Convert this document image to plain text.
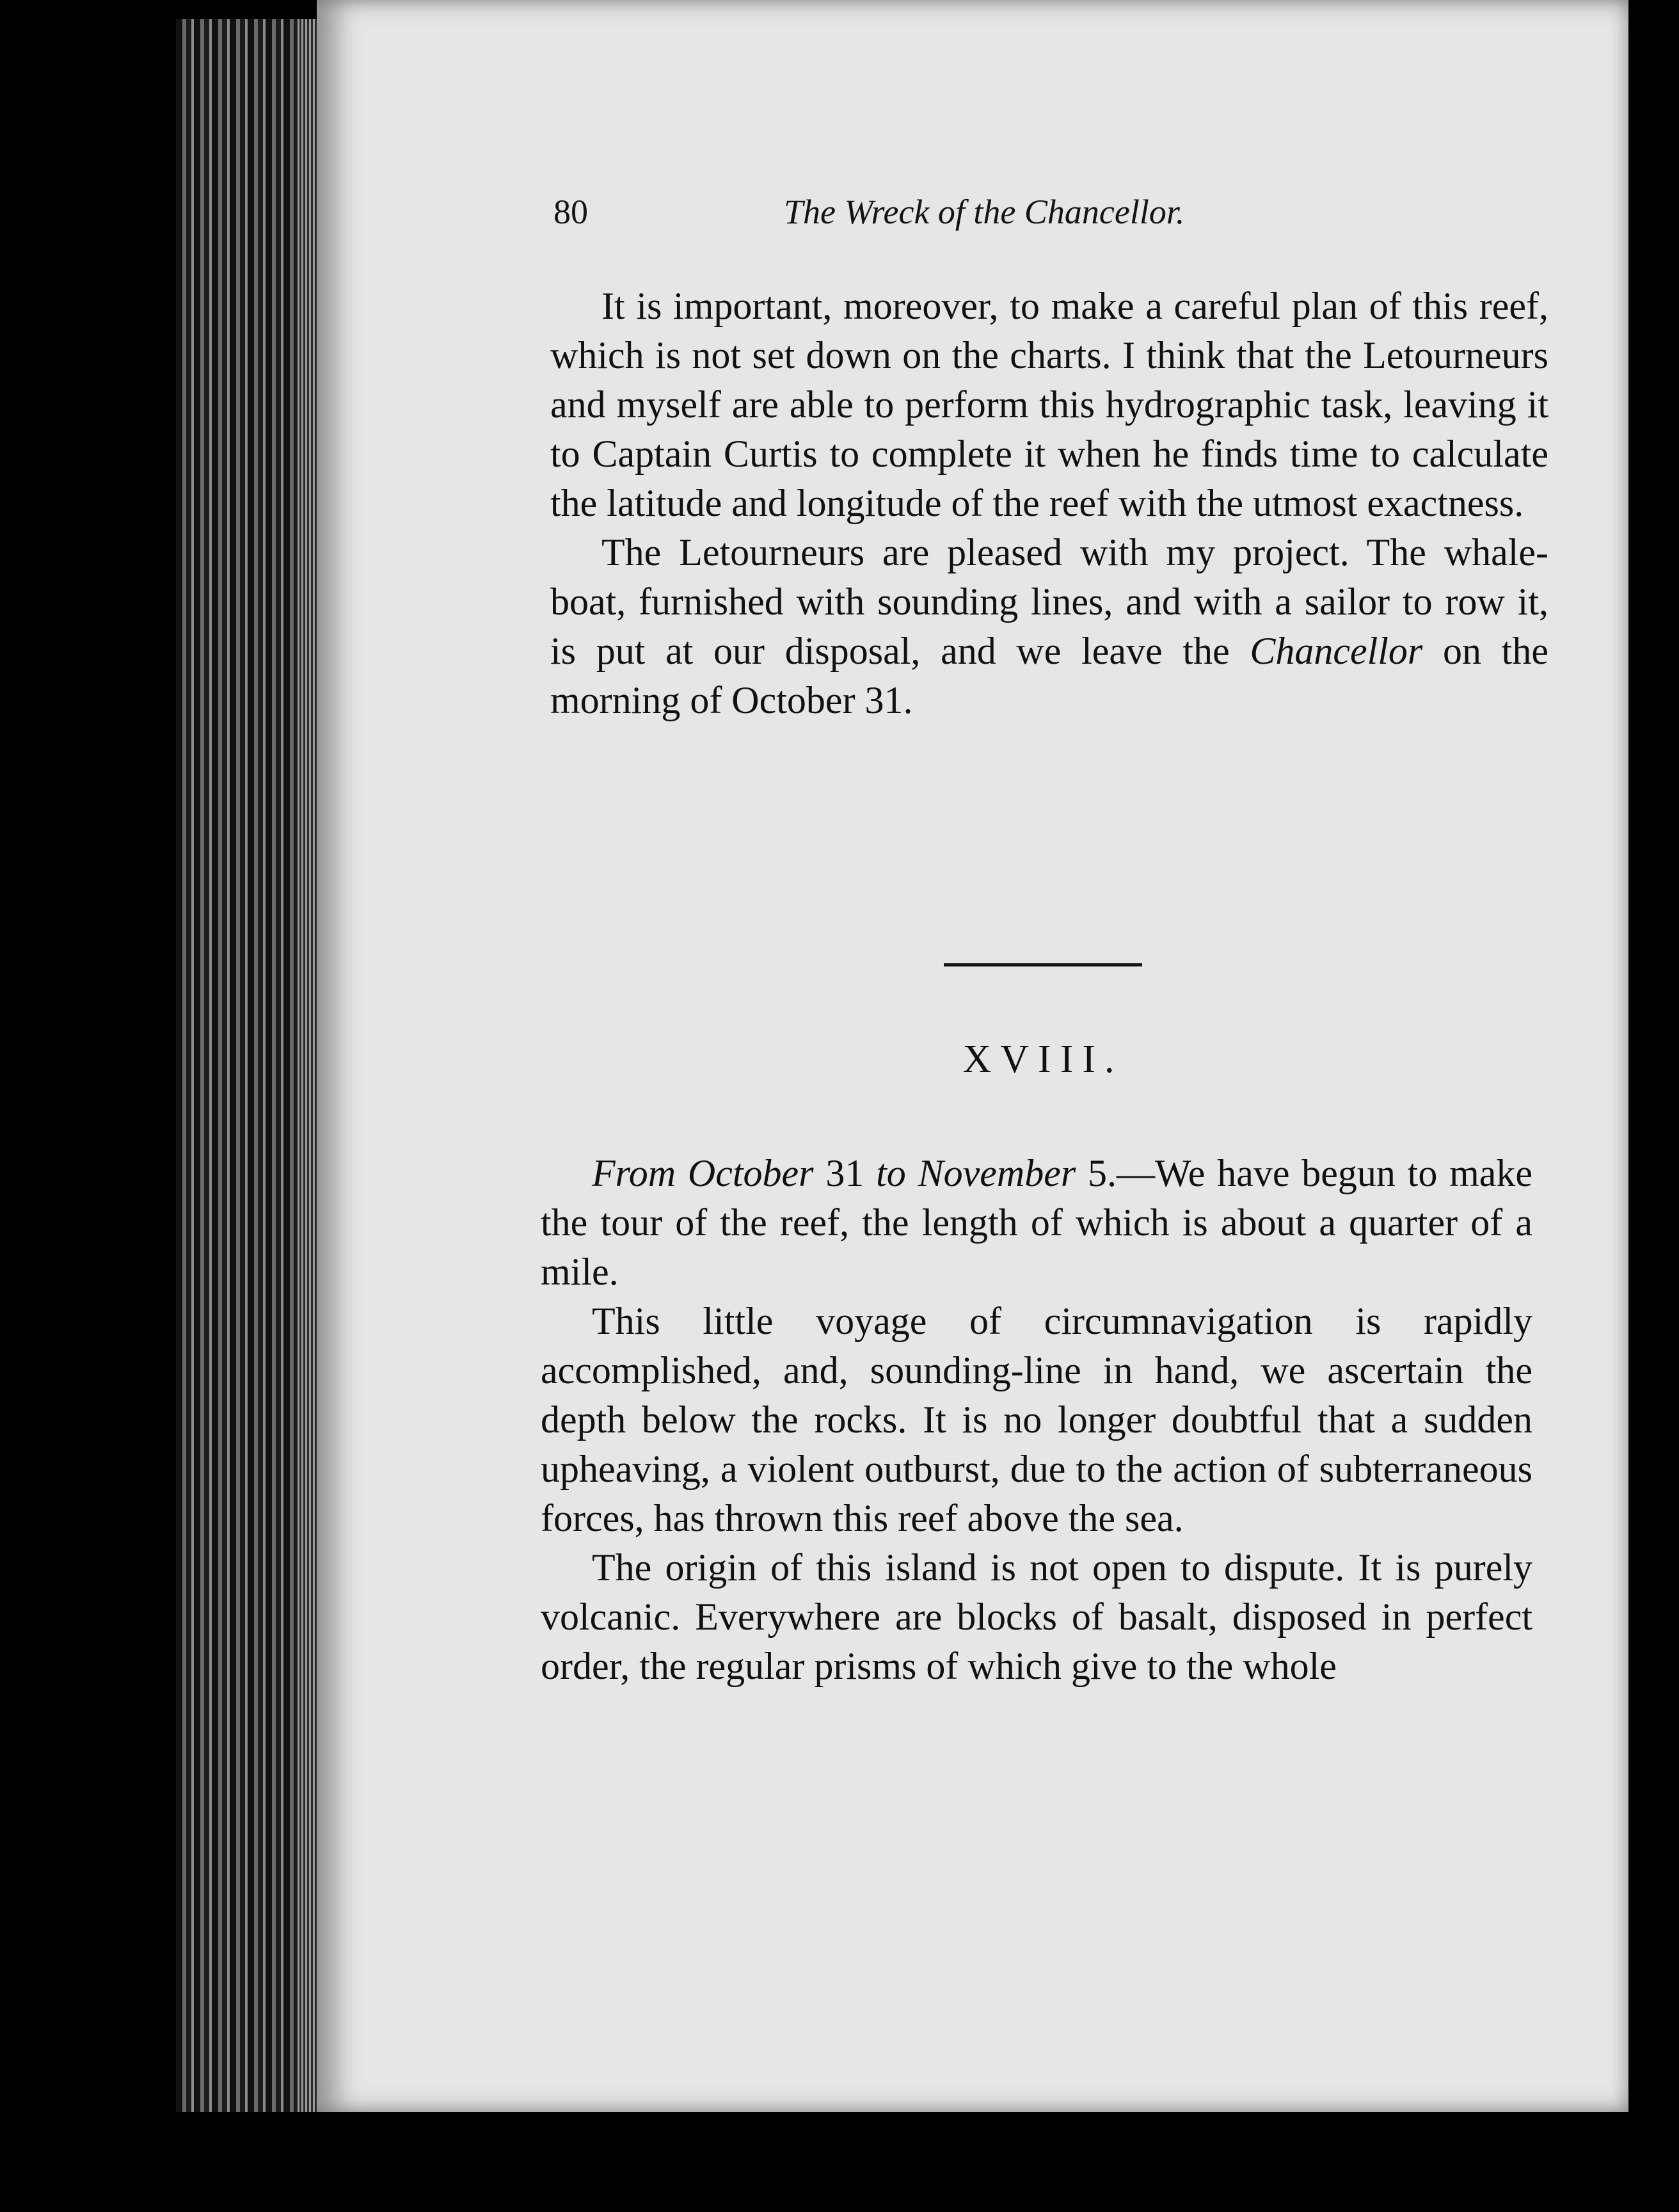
80	The Wreck of the Chancellor.

It is important, moreover, to make a careful plan of this reef, which is not set down on the charts. I think that the Letourneurs and myself are able to perform this hydrographic task, leaving it to Captain Curtis to complete it when he finds time to calculate the latitude and longitude of the reef with the utmost exactness.

The Letourneurs are pleased with my project. The whale-boat, furnished with sounding lines, and with a sailor to row it, is put at our disposal, and we leave the Chancellor on the morning of October 31.

XVIII.

From October 31 to November 5.—We have begun to make the tour of the reef, the length of which is about a quarter of a mile.

This little voyage of circumnavigation is rapidly accomplished, and, sounding-line in hand, we ascertain the depth below the rocks. It is no longer doubtful that a sudden upheaving, a violent outburst, due to the action of subterraneous forces, has thrown this reef above the sea.

The origin of this island is not open to dispute. It is purely volcanic. Everywhere are blocks of basalt, disposed in perfect order, the regular prisms of which give to the whole
